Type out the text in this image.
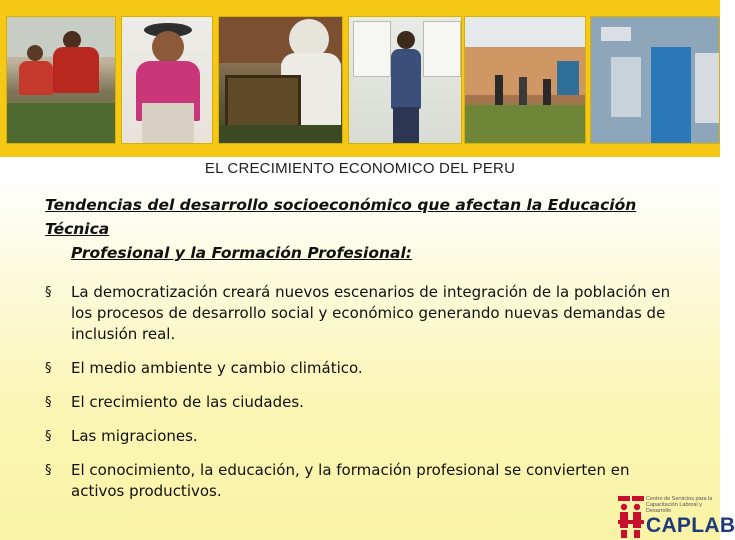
EL CRECIMIENTO ECONOMICO DEL PERU
Tendencias del desarrollo socioeconómico que afectan la Educación Técnica
Profesional y la Formación Profesional:
§ La democratización creará nuevos escenarios de integración de la población en los procesos de desarrollo social y económico generando nuevas demandas de inclusión real.
§ El medio ambiente y cambio climático.
§ El crecimiento de las ciudades.
§ Las migraciones.
§ El conocimiento, la educación, y la formación profesional se convierten en activos productivos.	Centro de Servicios para la Capacitación Laboral y Desarrollo
CAPLAB
